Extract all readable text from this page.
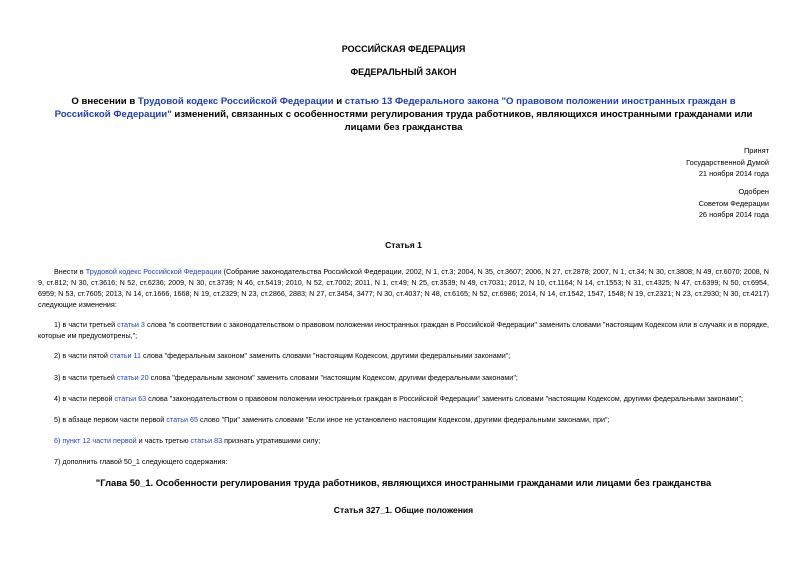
РОССИЙСКАЯ ФЕДЕРАЦИЯ
ФЕДЕРАЛЬНЫЙ ЗАКОН
О внесении в Трудовой кодекс Российской Федерации и статью 13 Федерального закона "О правовом положении иностранных граждан в Российской Федерации" изменений, связанных с особенностями регулирования труда работников, являющихся иностранными гражданами или лицами без гражданства
Принят
Государственной Думой
21 ноября 2014 года
Одобрен
Советом Федерации
26 ноября 2014 года
Статья 1
Внести в Трудовой кодекс Российской Федерации (Собрание законодательства Российской Федерации, 2002, N 1, ст.3; 2004, N 35, ст.3607; 2006, N 27, ст.2878; 2007, N 1, ст.34; N 30, ст.3808; N 49, ст.6070; 2008, N 9, ст.812; N 30, ст.3616; N 52, ст.6236; 2009, N 30, ст.3739; N 46, ст.5419; 2010, N 52, ст.7002; 2011, N 1, ст.49; N 25, ст.3539; N 49, ст.7031; 2012, N 10, ст.1164; N 14, ст.1553; N 31, ст.4325; N 47, ст.6399; N 50, ст.6954, 6959; N 53, ст.7605; 2013, N 14, ст.1666, 1668; N 19, ст.2329; N 23, ст.2866, 2883; N 27, ст.3454, 3477; N 30, ст.4037; N 48, ст.6165; N 52, ст.6986; 2014, N 14, ст.1542, 1547, 1548; N 19, ст.2321; N 23, ст.2930; N 30, ст.4217) следующие изменения:
1) в части третьей статьи 3 слова "в соответствии с законодательством о правовом положении иностранных граждан в Российской Федерации" заменить словами "настоящим Кодексом или в случаях и в порядке, которые им предусмотрены,";
2) в части пятой статьи 11 слова "федеральным законом" заменить словами "настоящим Кодексом, другими федеральными законами";
3) в части третьей статьи 20 слова "федеральным законом" заменить словами "настоящим Кодексом, другими федеральными законами";
4) в части первой статьи 63 слова "законодательством о правовом положении иностранных граждан в Российской Федерации" заменить словами "настоящим Кодексом, другими федеральными законами";
5) в абзаце первом части первой статьи 65 слово "При" заменить словами "Если иное не установлено настоящим Кодексом, другими федеральными законами, при";
6) пункт 12 части первой и часть третью статьи 83 признать утратившими силу;
7) дополнить главой 50_1 следующего содержания:
"Глава 50_1. Особенности регулирования труда работников, являющихся иностранными гражданами или лицами без гражданства
Статья 327_1. Общие положения
